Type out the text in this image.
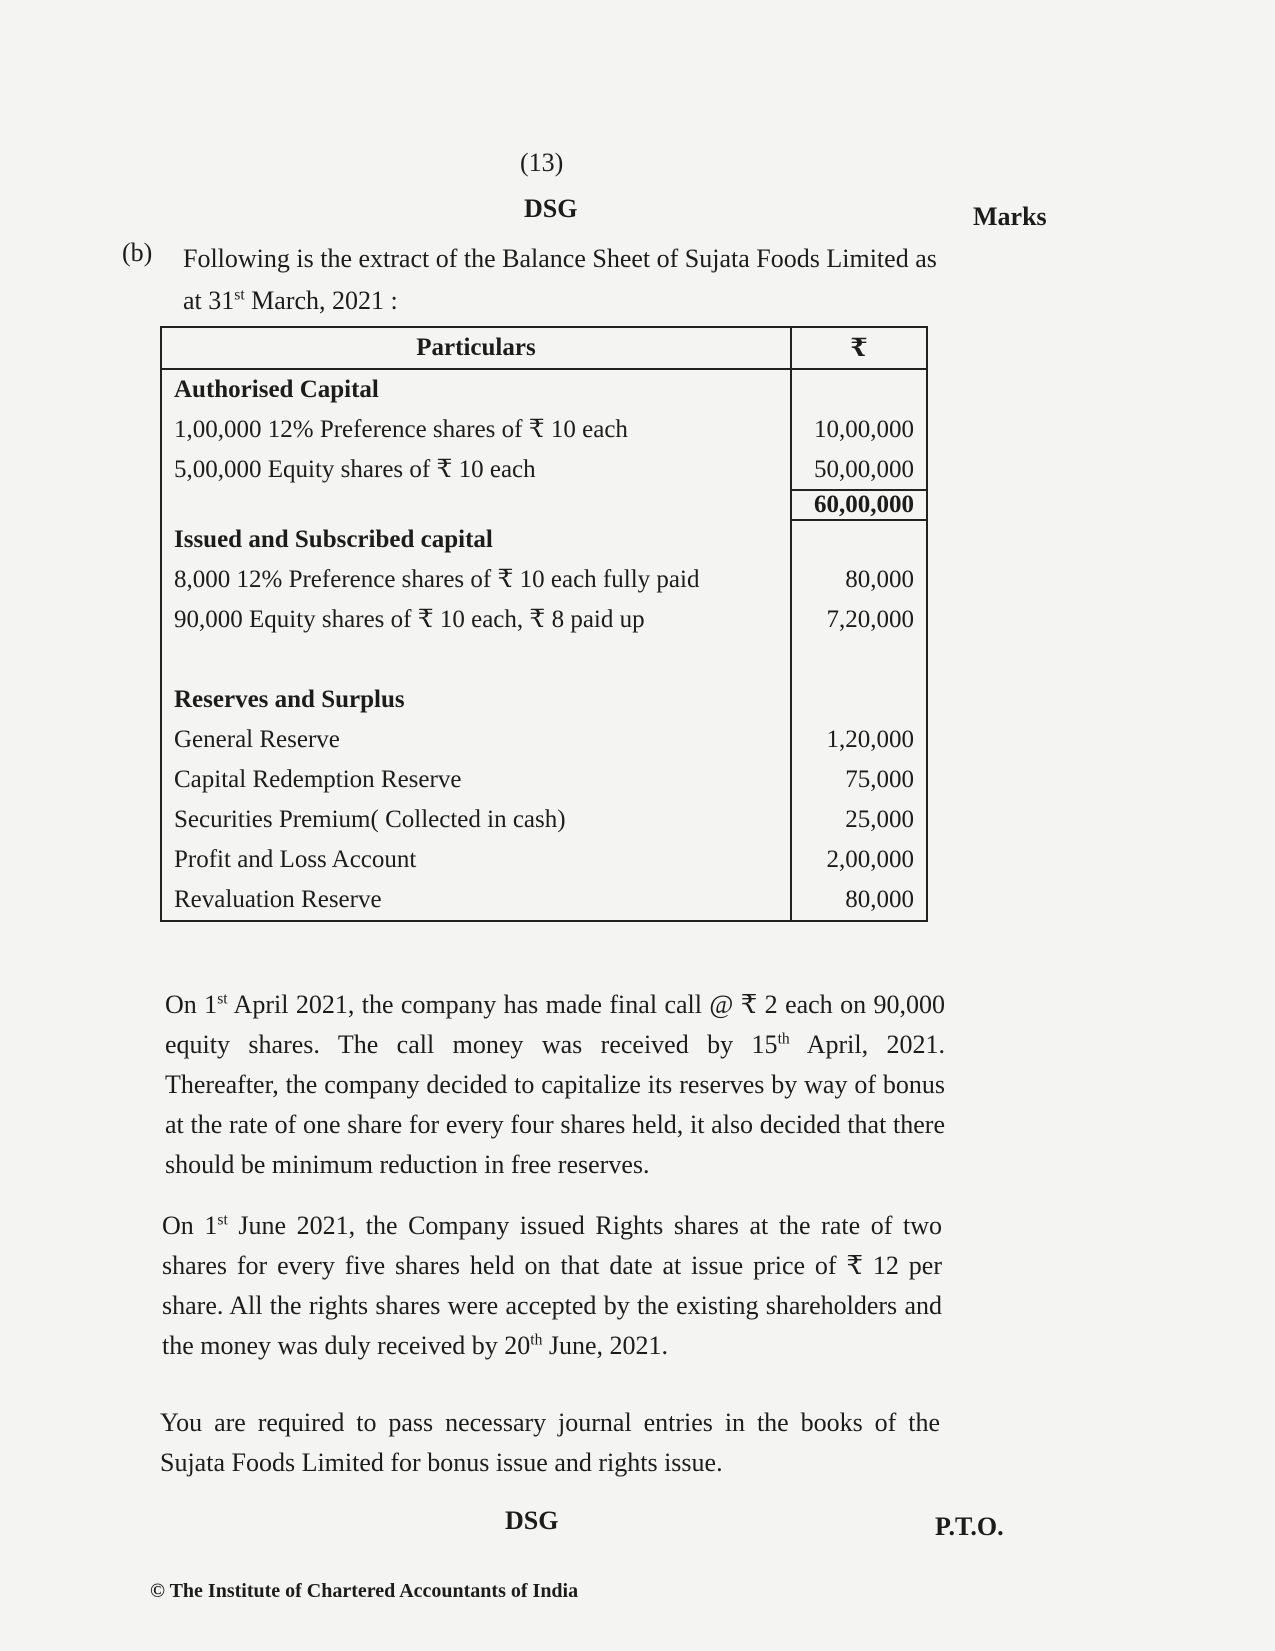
(13)
DSG	Marks
(b) Following is the extract of the Balance Sheet of Sujata Foods Limited as at 31st March, 2021 :
Particulars	₹
Authorised Capital	
1,00,000 12% Preference shares of ₹ 10 each	10,00,000
5,00,000 Equity shares of ₹ 10 each	50,00,000
	60,00,000
Issued and Subscribed capital	
8,000 12% Preference shares of ₹ 10 each fully paid	80,000
90,000 Equity shares of ₹ 10 each, ₹ 8 paid up	7,20,000

Reserves and Surplus	
General Reserve	1,20,000
Capital Redemption Reserve	75,000
Securities Premium( Collected in cash)	25,000
Profit and Loss Account	2,00,000
Revaluation Reserve	80,000
On 1st April 2021, the company has made final call @ ₹ 2 each on 90,000 equity shares. The call money was received by 15th April, 2021. Thereafter, the company decided to capitalize its reserves by way of bonus at the rate of one share for every four shares held, it also decided that there should be minimum reduction in free reserves.
On 1st June 2021, the Company issued Rights shares at the rate of two shares for every five shares held on that date at issue price of ₹ 12 per share. All the rights shares were accepted by the existing shareholders and the money was duly received by 20th June, 2021.
You are required to pass necessary journal entries in the books of the Sujata Foods Limited for bonus issue and rights issue.
DSG	P.T.O.
© The Institute of Chartered Accountants of India
